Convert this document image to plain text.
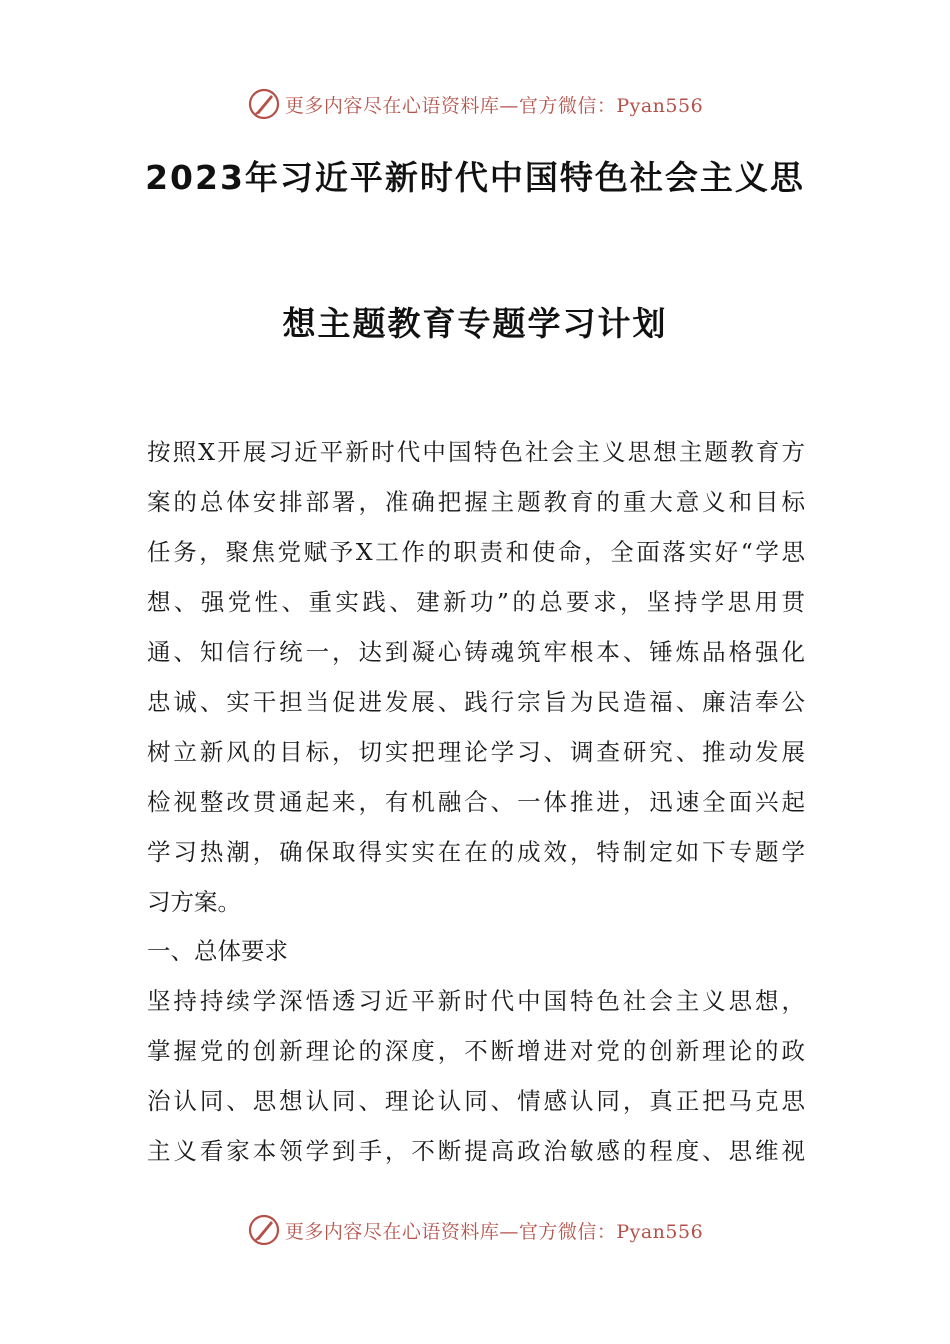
更多内容尽在心语资料库—官方微信：Pyan556
2023年习近平新时代中国特色社会主义思
想主题教育专题学习计划
按照X开展习近平新时代中国特色社会主义思想主题教育方
案的总体安排部署，准确把握主题教育的重大意义和目标
任务，聚焦党赋予X工作的职责和使命，全面落实好“学思
想、强党性、重实践、建新功”的总要求，坚持学思用贯
通、知信行统一，达到凝心铸魂筑牢根本、锤炼品格强化
忠诚、实干担当促进发展、践行宗旨为民造福、廉洁奉公
树立新风的目标，切实把理论学习、调查研究、推动发展
检视整改贯通起来，有机融合、一体推进，迅速全面兴起
学习热潮，确保取得实实在在的成效，特制定如下专题学
习方案。
一、总体要求
坚持持续学深悟透习近平新时代中国特色社会主义思想，
掌握党的创新理论的深度，不断增进对党的创新理论的政
治认同、思想认同、理论认同、情感认同，真正把马克思
主义看家本领学到手，不断提高政治敏感的程度、思维视
更多内容尽在心语资料库—官方微信：Pyan556
